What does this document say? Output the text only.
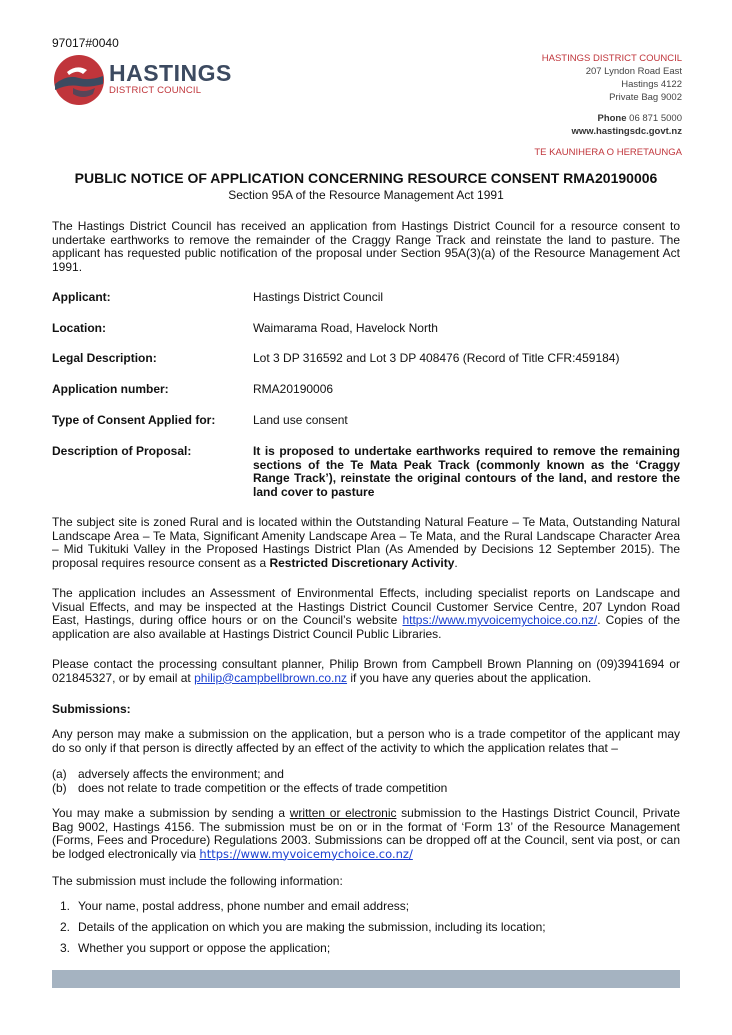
97017#0040
HASTINGS
DISTRICT COUNCIL
HASTINGS DISTRICT COUNCIL
207 Lyndon Road East
Hastings 4122
Private Bag 9002
Phone 06 871 5000
www.hastingsdc.govt.nz
TE KAUNIHERA O HERETAUNGA
PUBLIC NOTICE OF APPLICATION CONCERNING RESOURCE CONSENT RMA20190006
Section 95A of the Resource Management Act 1991
The Hastings District Council has received an application from Hastings District Council for a resource consent to undertake earthworks to remove the remainder of the Craggy Range Track and reinstate the land to pasture. The applicant has requested public notification of the proposal under Section 95A(3)(a) of the Resource Management Act 1991.
Applicant:	Hastings District Council
Location:	Waimarama Road, Havelock North
Legal Description:	Lot 3 DP 316592 and Lot 3 DP 408476 (Record of Title CFR:459184)
Application number:	RMA20190006
Type of Consent Applied for:	Land use consent
Description of Proposal:	It is proposed to undertake earthworks required to remove the remaining sections of the Te Mata Peak Track (commonly known as the ‘Craggy Range Track’), reinstate the original contours of the land, and restore the land cover to pasture
The subject site is zoned Rural and is located within the Outstanding Natural Feature – Te Mata, Outstanding Natural Landscape Area – Te Mata, Significant Amenity Landscape Area – Te Mata, and the Rural Landscape Character Area – Mid Tukituki Valley in the Proposed Hastings District Plan (As Amended by Decisions 12 September 2015). The proposal requires resource consent as a Restricted Discretionary Activity.
The application includes an Assessment of Environmental Effects, including specialist reports on Landscape and Visual Effects, and may be inspected at the Hastings District Council Customer Service Centre, 207 Lyndon Road East, Hastings, during office hours or on the Council’s website https://www.myvoicemychoice.co.nz/. Copies of the application are also available at Hastings District Council Public Libraries.
Please contact the processing consultant planner, Philip Brown from Campbell Brown Planning on (09)3941694 or 021845327, or by email at philip@campbellbrown.co.nz if you have any queries about the application.
Submissions:
Any person may make a submission on the application, but a person who is a trade competitor of the applicant may do so only if that person is directly affected by an effect of the activity to which the application relates that –
(a) adversely affects the environment; and
(b) does not relate to trade competition or the effects of trade competition
You may make a submission by sending a written or electronic submission to the Hastings District Council, Private Bag 9002, Hastings 4156. The submission must be on or in the format of ‘Form 13’ of the Resource Management (Forms, Fees and Procedure) Regulations 2003. Submissions can be dropped off at the Council, sent via post, or can be lodged electronically via https://www.myvoicemychoice.co.nz/
The submission must include the following information:
1. Your name, postal address, phone number and email address;
2. Details of the application on which you are making the submission, including its location;
3. Whether you support or oppose the application;
